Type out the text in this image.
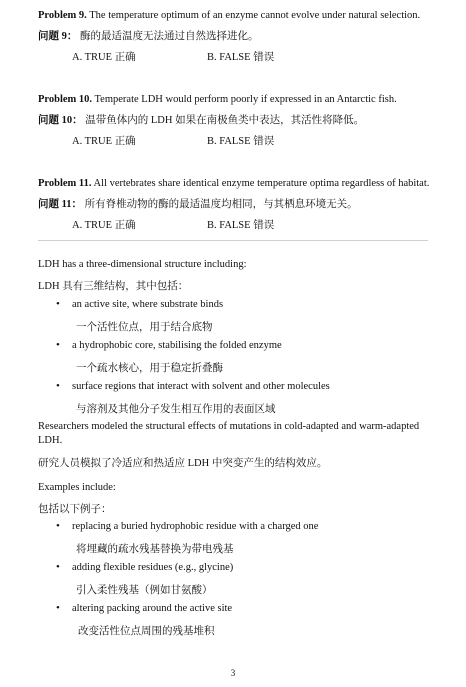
Problem 9. The temperature optimum of an enzyme cannot evolve under natural selection.
问题 9： 酶的最适温度无法通过自然选择进化。
A. TRUE 正确	B. FALSE 错误
Problem 10. Temperate LDH would perform poorly if expressed in an Antarctic fish.
问题 10： 温带鱼体内的 LDH 如果在南极鱼类中表达，其活性将降低。
A. TRUE 正确	B. FALSE 错误
Problem 11. All vertebrates share identical enzyme temperature optima regardless of habitat.
问题 11： 所有脊椎动物的酶的最适温度均相同，与其栖息环境无关。
A. TRUE 正确	B. FALSE 错误
LDH has a three-dimensional structure including:
LDH 具有三维结构，其中包括：
• an active site, where substrate binds
一个活性位点，用于结合底物
• a hydrophobic core, stabilising the folded enzyme
一个疏水核心，用于稳定折叠酶
• surface regions that interact with solvent and other molecules
与溶剂及其他分子发生相互作用的表面区域
Researchers modeled the structural effects of mutations in cold-adapted and warm-adapted
LDH.
研究人员模拟了冷适应和热适应 LDH 中突变产生的结构效应。
Examples include:
包括以下例子：
• replacing a buried hydrophobic residue with a charged one
将埋藏的疏水残基替换为带电残基
• adding flexible residues (e.g., glycine)
引入柔性残基（例如甘氨酸）
• altering packing around the active site
改变活性位点周围的残基堆积
3
